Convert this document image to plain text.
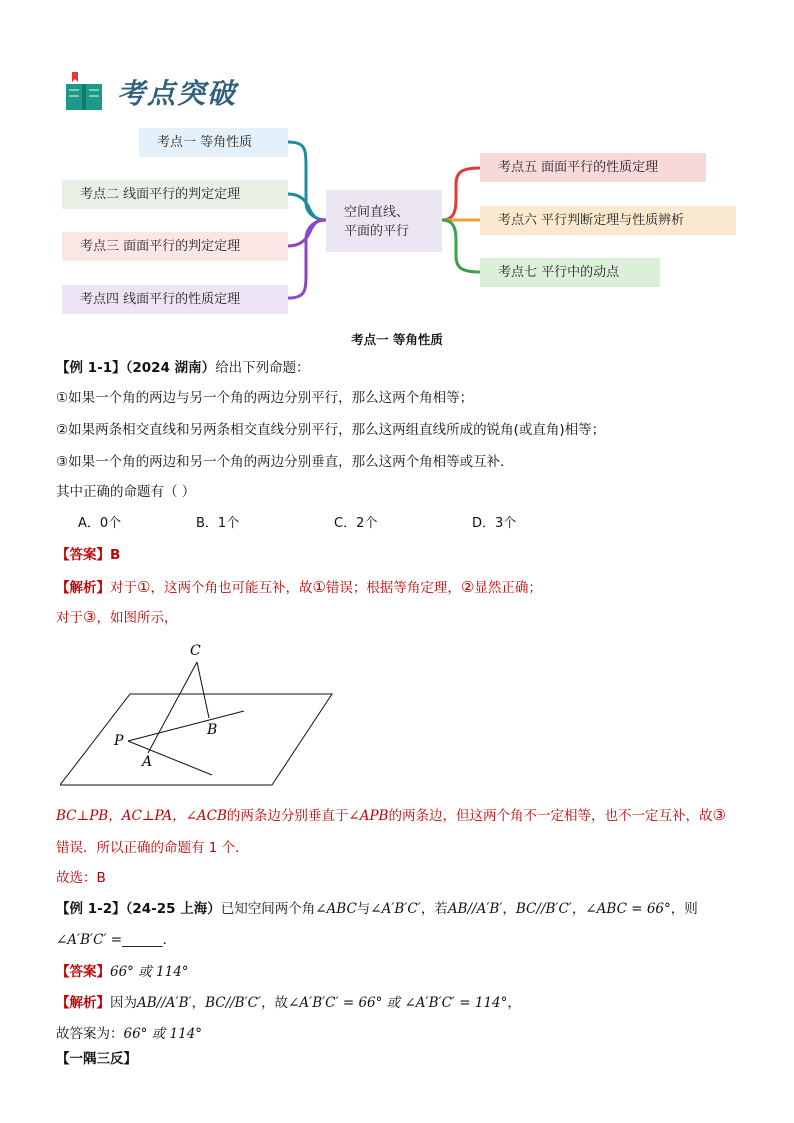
考点突破
考点一 等角性质
考点二 线面平行的判定定理
考点三 面面平行的判定定理
考点四 线面平行的性质定理
空间直线、
平面的平行
考点五 面面平行的性质定理
考点六 平行判断定理与性质辨析
考点七 平行中的动点
考点一 等角性质
【例 1-1】（2024 湖南）给出下列命题：
①如果一个角的两边与另一个角的两边分别平行，那么这两个角相等；
②如果两条相交直线和另两条相交直线分别平行，那么这两组直线所成的锐角(或直角)相等；
③如果一个角的两边和另一个角的两边分别垂直，那么这两个角相等或互补．
其中正确的命题有（ ）
A．0个	B．1个	C．2个	D．3个
【答案】B
【解析】对于①，这两个角也可能互补，故①错误；根据等角定理，②显然正确；
对于③，如图所示，
C
B
P
A
BC⊥PB，AC⊥PA，∠ACB的两条边分别垂直于∠APB的两条边，但这两个角不一定相等，也不一定互补，故③
错误．所以正确的命题有 1 个．
故选：B
【例 1-2】（24-25 上海）已知空间两个角∠ABC与∠A′B′C′，若AB//A′B′，BC//B′C′，∠ABC = 66°，则
∠A′B′C′ =______．
【答案】66° 或 114°
【解析】因为AB//A′B′，BC//B′C′，故∠A′B′C′ = 66° 或 ∠A′B′C′ = 114°，
故答案为：66° 或 114°
【一隅三反】
